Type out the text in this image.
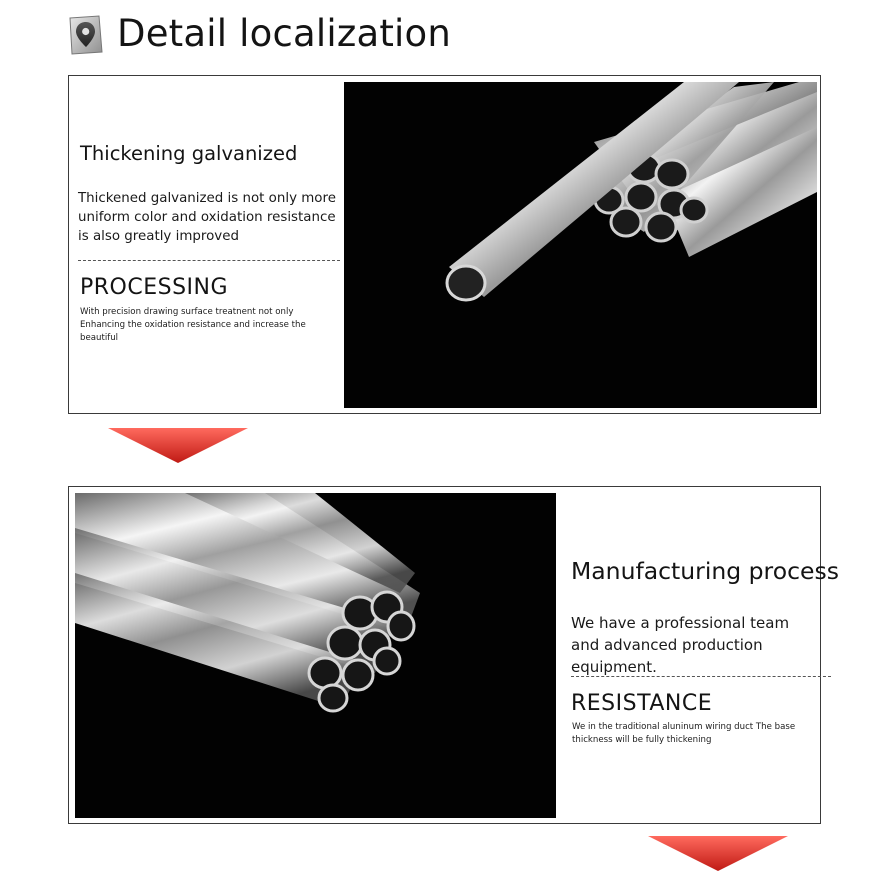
Detail localization
Thickening galvanized
Thickened galvanized is not only more uniform color and oxidation resistance is also greatly improved
PROCESSING
With precision drawing surface treatnent not only Enhancing the oxidation resistance and increase the beautiful
Manufacturing process
We have a professional team and advanced production equipment.
RESISTANCE
We in the traditional aluninum wiring duct The base thickness will be fully thickening
